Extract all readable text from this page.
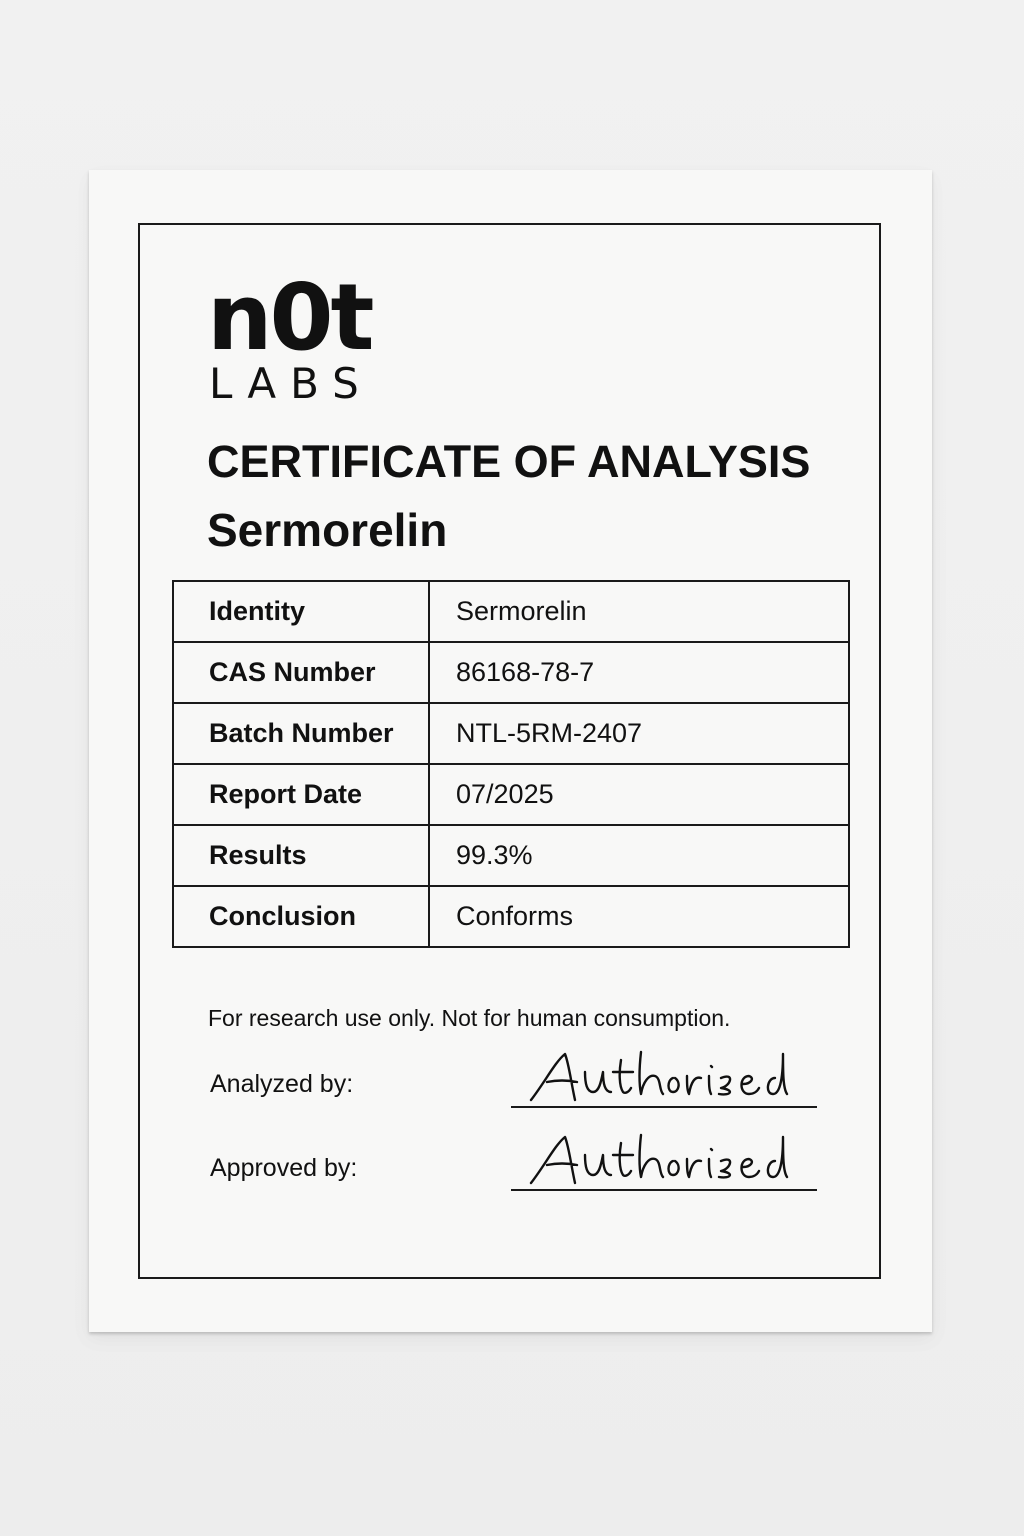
n0t
LABS
CERTIFICATE OF ANALYSIS
Sermorelin
Identity	Sermorelin
CAS Number	86168-78-7
Batch Number	NTL-5RM-2407
Report Date	07/2025
Results	99.3%
Conclusion	Conforms
For research use only. Not for human consumption.
Analyzed by:
Approved by:
